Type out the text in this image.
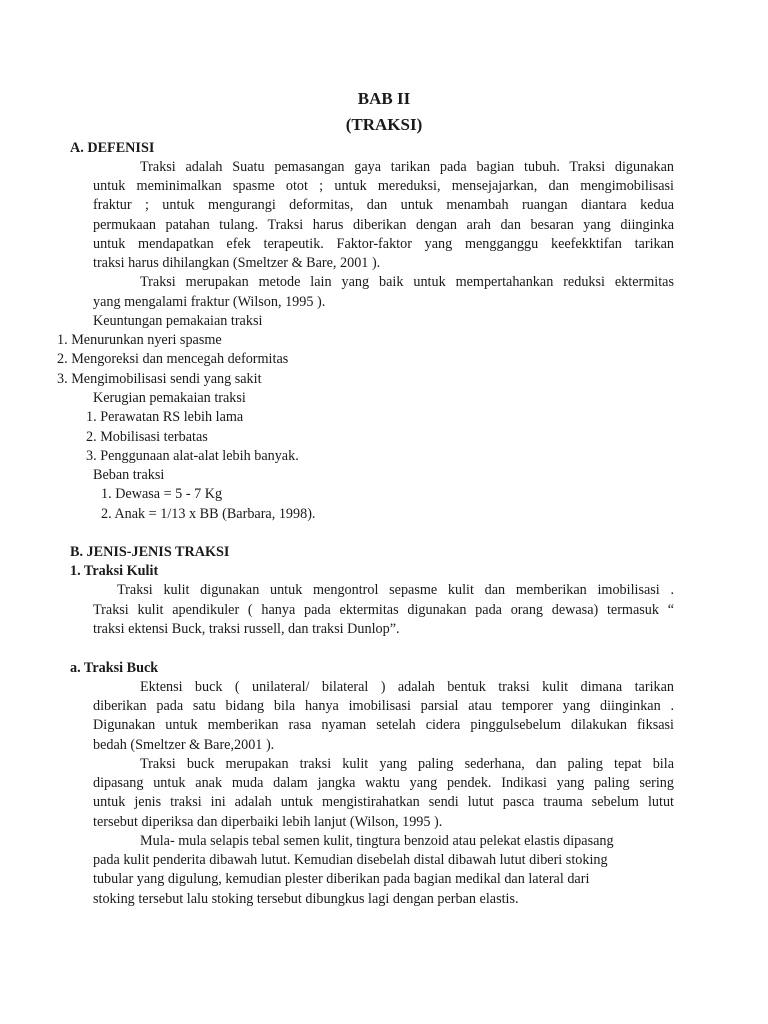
BAB II
(TRAKSI)
A. DEFENISI
Traksi adalah Suatu pemasangan gaya tarikan pada bagian tubuh. Traksi digunakan
untuk meminimalkan spasme otot ; untuk mereduksi, mensejajarkan, dan mengimobilisasi
fraktur ; untuk mengurangi deformitas, dan untuk menambah ruangan diantara kedua
permukaan patahan tulang. Traksi harus diberikan dengan arah dan besaran yang diinginka
untuk mendapatkan efek terapeutik. Faktor-faktor yang mengganggu keefekktifan tarikan
traksi harus dihilangkan (Smeltzer & Bare, 2001 ).
Traksi merupakan metode lain yang baik untuk mempertahankan reduksi ektermitas
yang mengalami fraktur (Wilson, 1995 ).
Keuntungan pemakaian traksi
1. Menurunkan nyeri spasme
2. Mengoreksi dan mencegah deformitas
3. Mengimobilisasi sendi yang sakit
Kerugian pemakaian traksi
1. Perawatan RS lebih lama
2. Mobilisasi terbatas
3. Penggunaan alat-alat lebih banyak.
Beban traksi
1. Dewasa = 5 - 7 Kg
2. Anak = 1/13 x BB (Barbara, 1998).
B. JENIS-JENIS TRAKSI
1. Traksi Kulit
Traksi kulit digunakan untuk mengontrol sepasme kulit dan memberikan imobilisasi .
Traksi kulit apendikuler ( hanya pada ektermitas digunakan pada orang dewasa) termasuk “
traksi ektensi Buck, traksi russell, dan traksi Dunlop”.
a. Traksi Buck
Ektensi buck ( unilateral/ bilateral ) adalah bentuk traksi kulit dimana tarikan
diberikan pada satu bidang bila hanya imobilisasi parsial atau temporer yang diinginkan .
Digunakan untuk memberikan rasa nyaman setelah cidera pinggulsebelum dilakukan fiksasi
bedah (Smeltzer & Bare,2001 ).
Traksi buck merupakan traksi kulit yang paling sederhana, dan paling tepat bila
dipasang untuk anak muda dalam jangka waktu yang pendek. Indikasi yang paling sering
untuk jenis traksi ini adalah untuk mengistirahatkan sendi lutut pasca trauma sebelum lutut
tersebut diperiksa dan diperbaiki lebih lanjut (Wilson, 1995 ).
Mula- mula selapis tebal semen kulit, tingtura benzoid atau pelekat elastis dipasang
pada kulit penderita dibawah lutut. Kemudian disebelah distal dibawah lutut diberi stoking
tubular yang digulung, kemudian plester diberikan pada bagian medikal dan lateral dari
stoking tersebut lalu stoking tersebut dibungkus lagi dengan perban elastis.
